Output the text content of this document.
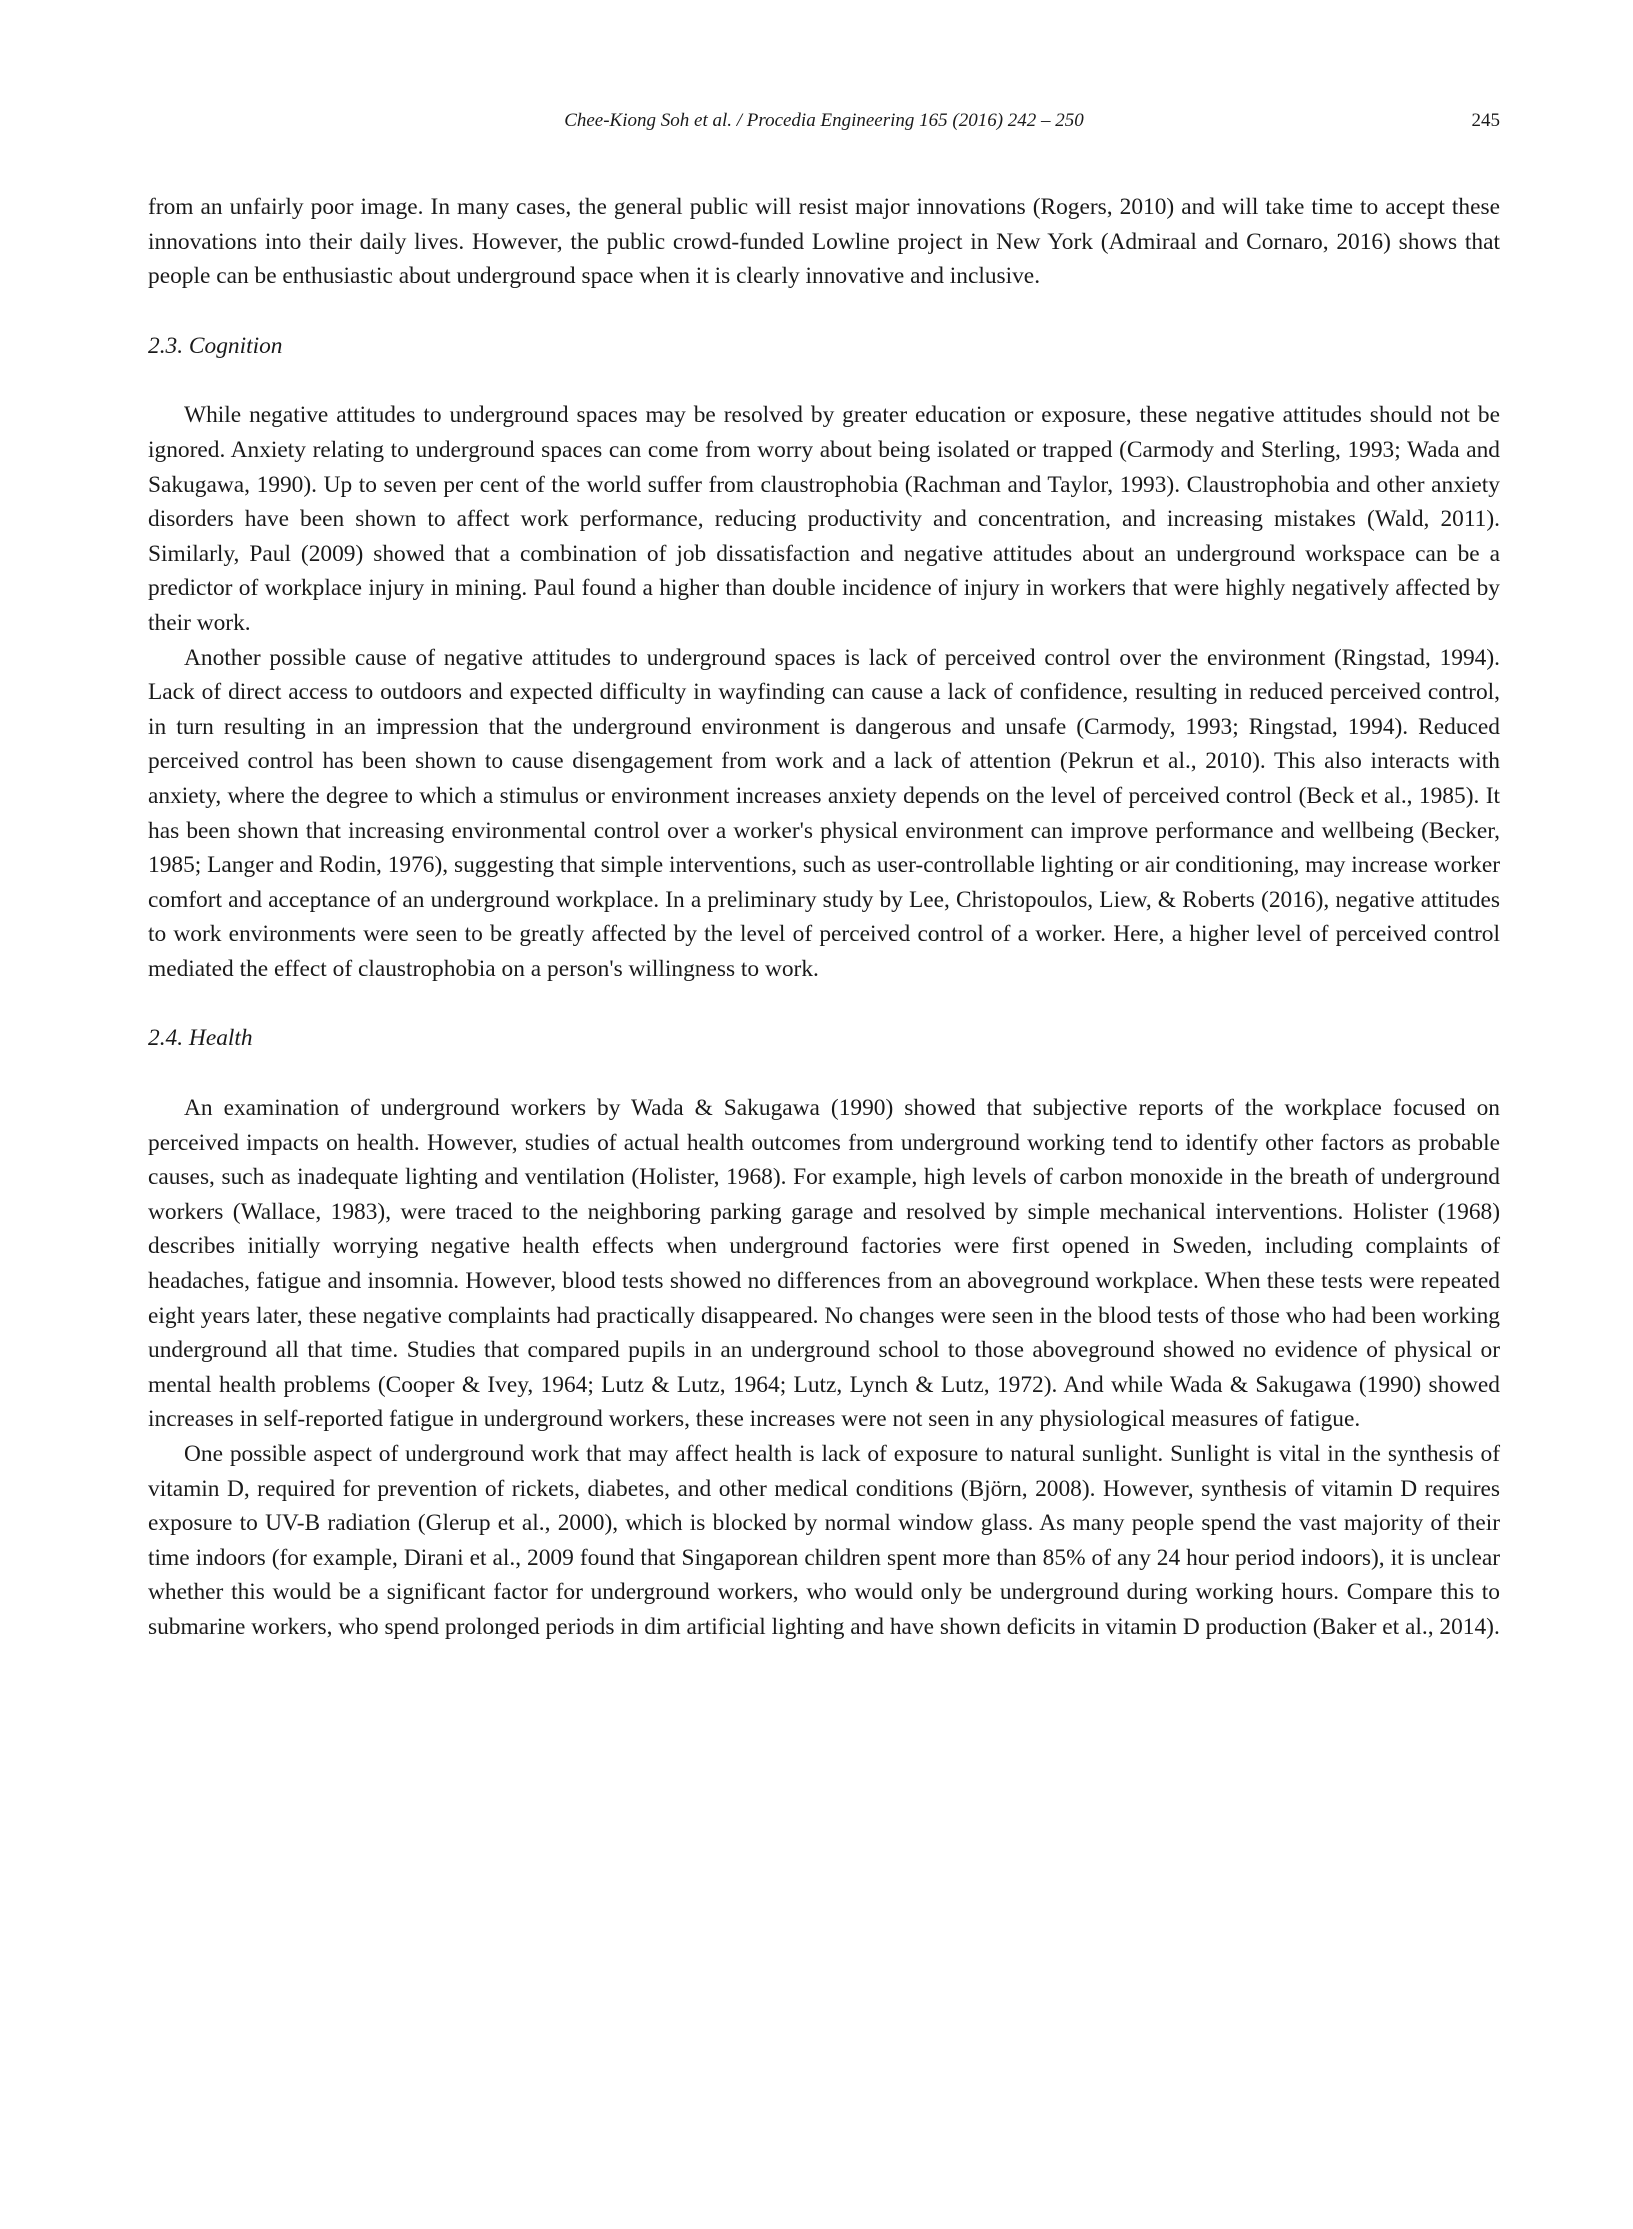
Chee-Kiong Soh et al. / Procedia Engineering 165 (2016) 242 – 250	245

from an unfairly poor image. In many cases, the general public will resist major innovations (Rogers, 2010) and will take time to accept these innovations into their daily lives. However, the public crowd-funded Lowline project in New York (Admiraal and Cornaro, 2016) shows that people can be enthusiastic about underground space when it is clearly innovative and inclusive.

2.3. Cognition

While negative attitudes to underground spaces may be resolved by greater education or exposure, these negative attitudes should not be ignored. Anxiety relating to underground spaces can come from worry about being isolated or trapped (Carmody and Sterling, 1993; Wada and Sakugawa, 1990). Up to seven per cent of the world suffer from claustrophobia (Rachman and Taylor, 1993). Claustrophobia and other anxiety disorders have been shown to affect work performance, reducing productivity and concentration, and increasing mistakes (Wald, 2011). Similarly, Paul (2009) showed that a combination of job dissatisfaction and negative attitudes about an underground workspace can be a predictor of workplace injury in mining. Paul found a higher than double incidence of injury in workers that were highly negatively affected by their work.

Another possible cause of negative attitudes to underground spaces is lack of perceived control over the environment (Ringstad, 1994). Lack of direct access to outdoors and expected difficulty in wayfinding can cause a lack of confidence, resulting in reduced perceived control, in turn resulting in an impression that the underground environment is dangerous and unsafe (Carmody, 1993; Ringstad, 1994). Reduced perceived control has been shown to cause disengagement from work and a lack of attention (Pekrun et al., 2010). This also interacts with anxiety, where the degree to which a stimulus or environment increases anxiety depends on the level of perceived control (Beck et al., 1985). It has been shown that increasing environmental control over a worker's physical environment can improve performance and wellbeing (Becker, 1985; Langer and Rodin, 1976), suggesting that simple interventions, such as user-controllable lighting or air conditioning, may increase worker comfort and acceptance of an underground workplace. In a preliminary study by Lee, Christopoulos, Liew, & Roberts (2016), negative attitudes to work environments were seen to be greatly affected by the level of perceived control of a worker. Here, a higher level of perceived control mediated the effect of claustrophobia on a person's willingness to work.

2.4. Health

An examination of underground workers by Wada & Sakugawa (1990) showed that subjective reports of the workplace focused on perceived impacts on health. However, studies of actual health outcomes from underground working tend to identify other factors as probable causes, such as inadequate lighting and ventilation (Holister, 1968). For example, high levels of carbon monoxide in the breath of underground workers (Wallace, 1983), were traced to the neighboring parking garage and resolved by simple mechanical interventions. Holister (1968) describes initially worrying negative health effects when underground factories were first opened in Sweden, including complaints of headaches, fatigue and insomnia. However, blood tests showed no differences from an aboveground workplace. When these tests were repeated eight years later, these negative complaints had practically disappeared. No changes were seen in the blood tests of those who had been working underground all that time. Studies that compared pupils in an underground school to those aboveground showed no evidence of physical or mental health problems (Cooper & Ivey, 1964; Lutz & Lutz, 1964; Lutz, Lynch & Lutz, 1972). And while Wada & Sakugawa (1990) showed increases in self-reported fatigue in underground workers, these increases were not seen in any physiological measures of fatigue.

One possible aspect of underground work that may affect health is lack of exposure to natural sunlight. Sunlight is vital in the synthesis of vitamin D, required for prevention of rickets, diabetes, and other medical conditions (Björn, 2008). However, synthesis of vitamin D requires exposure to UV-B radiation (Glerup et al., 2000), which is blocked by normal window glass. As many people spend the vast majority of their time indoors (for example, Dirani et al., 2009 found that Singaporean children spent more than 85% of any 24 hour period indoors), it is unclear whether this would be a significant factor for underground workers, who would only be underground during working hours. Compare this to submarine workers, who spend prolonged periods in dim artificial lighting and have shown deficits in vitamin D production (Baker et al., 2014).
